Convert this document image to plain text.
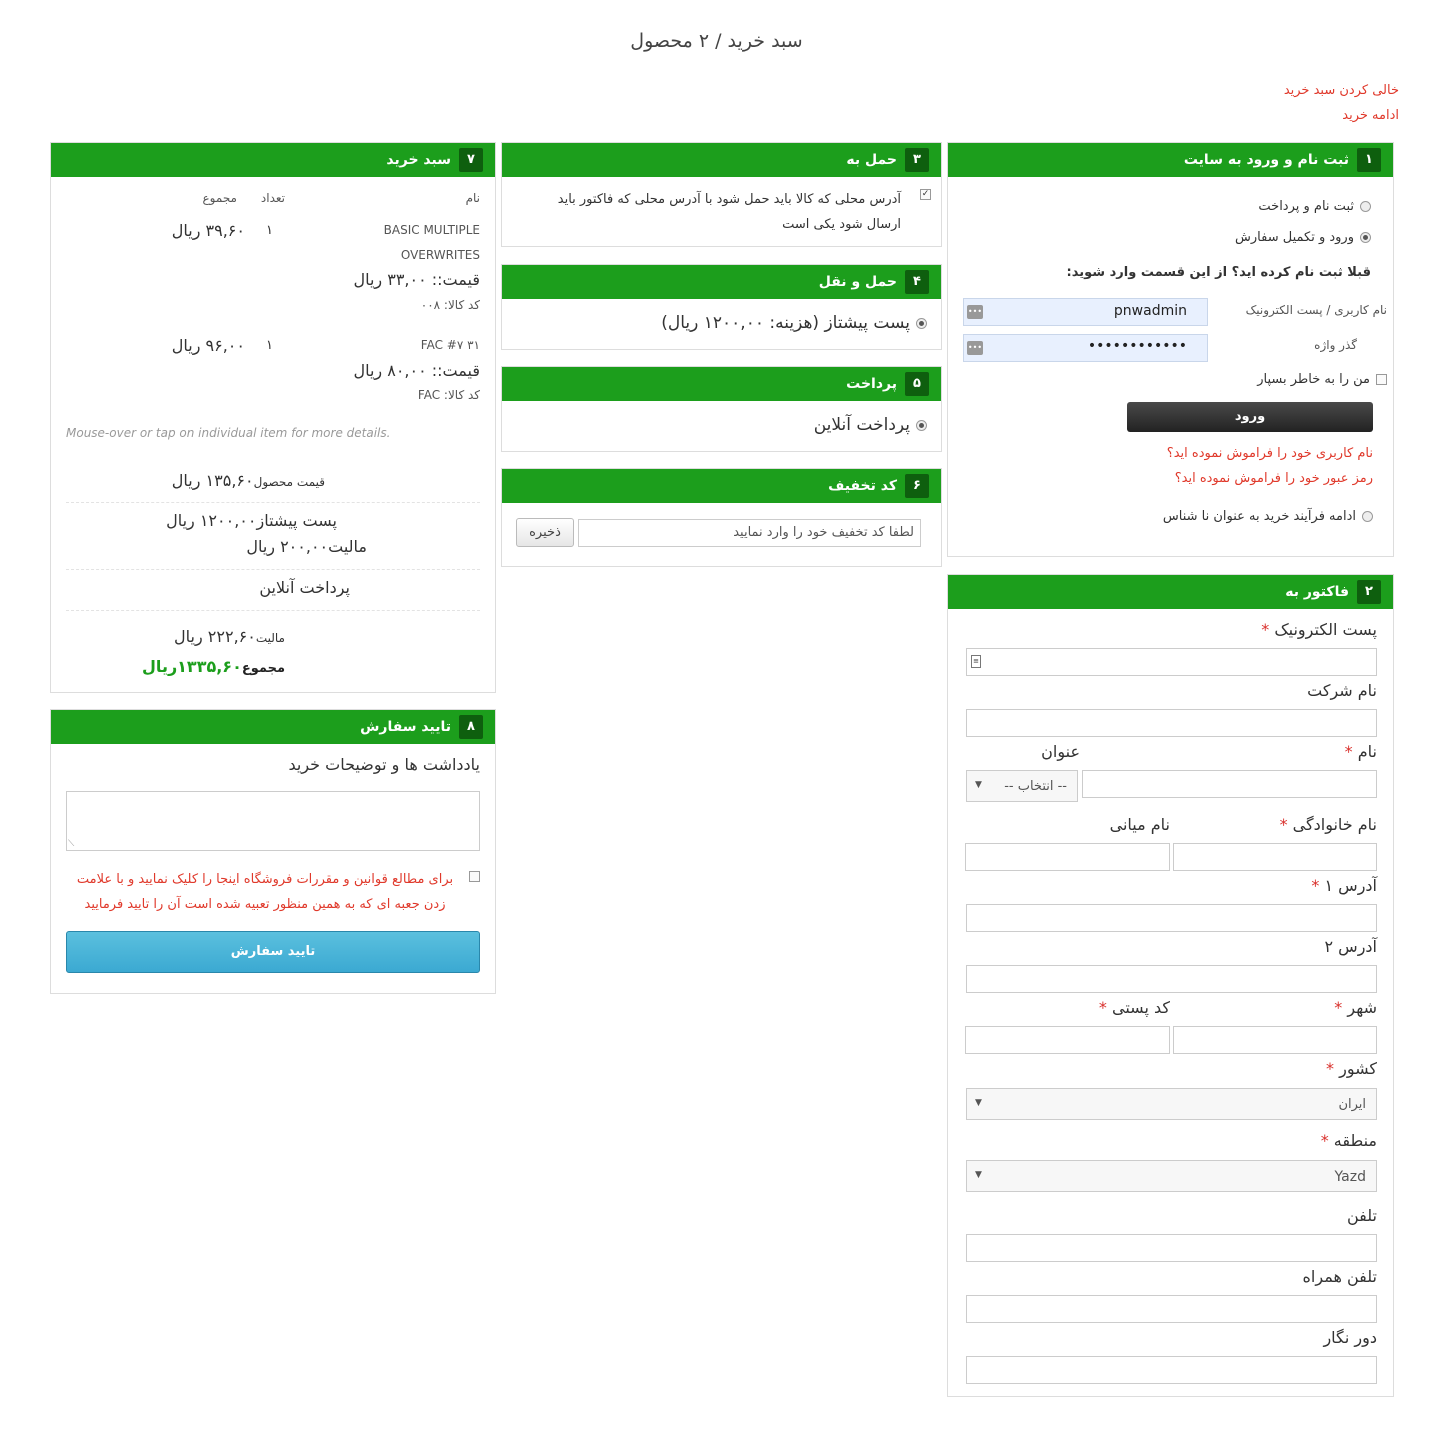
سبد خرید / ۲ محصول
خالی کردن سبد خرید
ادامه خرید
۱
ثبت نام و ورود به سایت
ثبت نام و پرداخت
ورود و تکمیل سفارش
قبلا ثبت نام کرده اید؟ از این قسمت وارد شوید:
نام کاربری / پست الکترونیک
•••	pnwadmin
گذر واژه
•••	••••••••••••
من را به خاطر بسپار
ورود
نام کاربری خود را فراموش نموده اید؟
رمز عبور خود را فراموش نموده اید؟
ادامه فرآیند خرید به عنوان نا شناس
۲
فاکتور به
پست الکترونیک *
≡
نام شرکت
نام *
عنوان
-- انتخاب --
▼
نام خانوادگی *
نام میانی
آدرس ۱ *
آدرس ۲
شهر *
کد پستی *
کشور *
ایران
▼
منطقه *
Yazd
▼
تلفن
تلفن همراه
دور نگار
۳
حمل به
✓
آدرس محلی که کالا باید حمل شود با آدرس محلی که فاکتور باید ارسال شود یکی است
۴
حمل و نقل
پست پیشتاز (هزینه: ۱۲۰۰,۰۰ ریال)
۵
پرداخت
پرداخت آنلاین
۶
کد تخفیف
لطفا کد تخفیف خود را وارد نمایید
ذخیره
۷
سبد خرید
نام
تعداد
مجموع
BASIC MULTIPLE
OVERWRITES
۱
۳۹,۶۰ ریال
قیمت:: ۳۳,۰۰ ریال
کد کالا: ۰۰۸
FAC #۷ ۳۱
۱
۹۶,۰۰ ریال
قیمت:: ۸۰,۰۰ ریال
کد کالا: FAC
Mouse-over or tap on individual item for more details.
قیمت محصول۱۳۵,۶۰ ریال
پست پیشتاز۱۲۰۰,۰۰ ریال
مالیت۲۰۰,۰۰ ریال
پرداخت آنلاین
مالیت۲۲۲,۶۰ ریال
مجموع۱۳۳۵,۶۰ریال
۸
تایید سفارش
یادداشت ها و توضیحات خرید
⟋
برای مطالع قوانین و مقررات فروشگاه اینجا را کلیک نمایید و با علامت
زدن جعبه ای که به همین منظور تعبیه شده است آن را تایید فرمایید
تایید سفارش
